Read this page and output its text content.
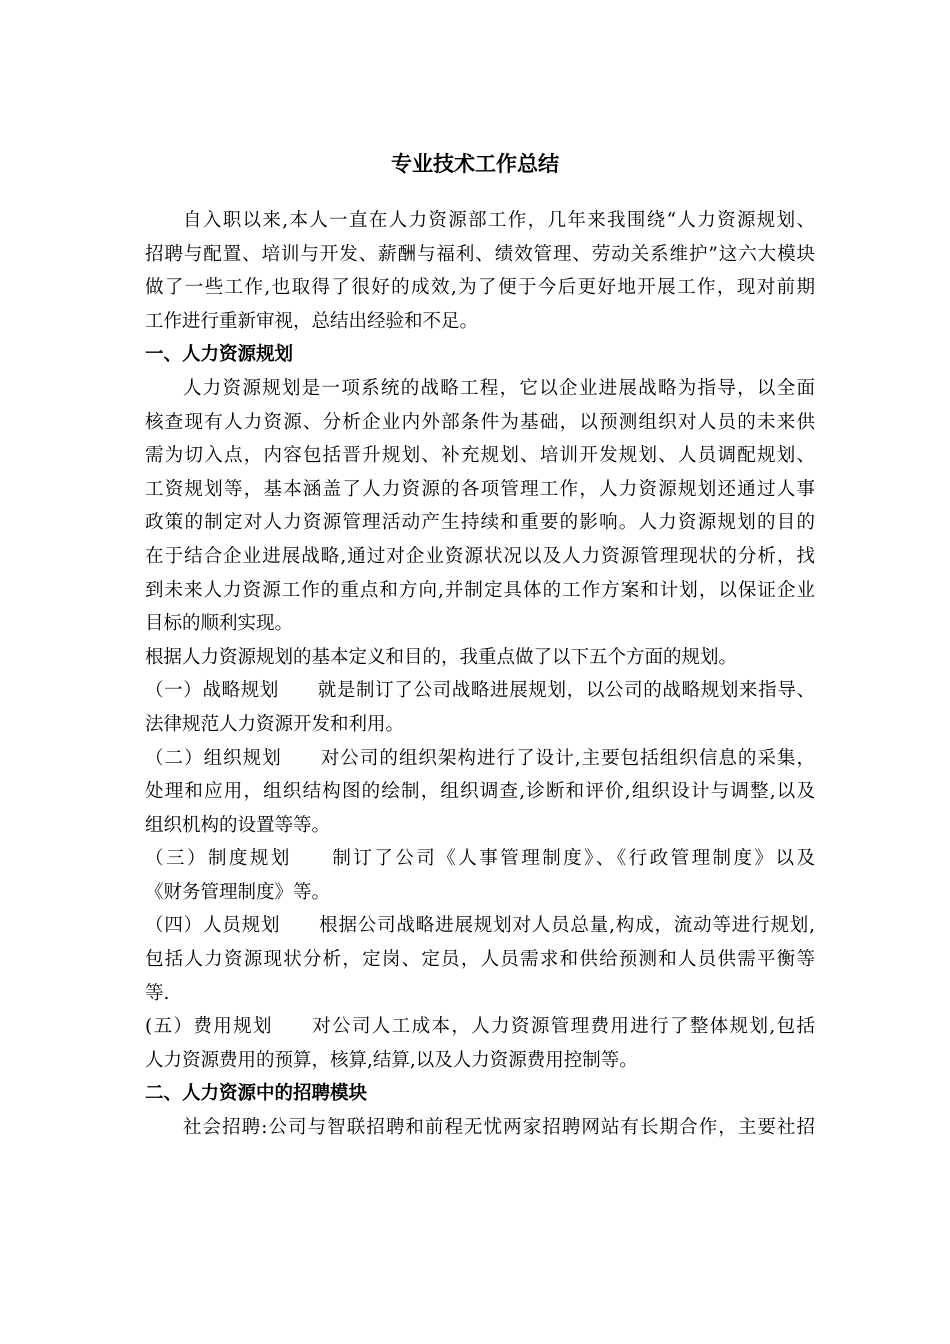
专业技术工作总结
自入职以来,本人一直在人力资源部工作，几年来我围绕“人力资源规划、
招聘与配置、培训与开发、薪酬与福利、绩效管理、劳动关系维护”这六大模块
做了一些工作,也取得了很好的成效,为了便于今后更好地开展工作，现对前期
工作进行重新审视，总结出经验和不足。
一、人力资源规划
人力资源规划是一项系统的战略工程，它以企业进展战略为指导，以全面
核查现有人力资源、分析企业内外部条件为基础，以预测组织对人员的未来供
需为切入点，内容包括晋升规划、补充规划、培训开发规划、人员调配规划、
工资规划等，基本涵盖了人力资源的各项管理工作，人力资源规划还通过人事
政策的制定对人力资源管理活动产生持续和重要的影响。人力资源规划的目的
在于结合企业进展战略,通过对企业资源状况以及人力资源管理现状的分析，找
到未来人力资源工作的重点和方向,并制定具体的工作方案和计划，以保证企业
目标的顺利实现。
根据人力资源规划的基本定义和目的，我重点做了以下五个方面的规划。
（一）战略规划 就是制订了公司战略进展规划，以公司的战略规划来指导、
法律规范人力资源开发和利用。
（二）组织规划 对公司的组织架构进行了设计,主要包括组织信息的采集，
处理和应用，组织结构图的绘制，组织调查,诊断和评价,组织设计与调整,以及
组织机构的设置等等。
（三）制度规划 制订了公司《人事管理制度》、《行政管理制度》以及
《财务管理制度》等。
（四）人员规划 根据公司战略进展规划对人员总量,构成，流动等进行规划,
包括人力资源现状分析，定岗、定员，人员需求和供给预测和人员供需平衡等
等.
(五）费用规划 对公司人工成本，人力资源管理费用进行了整体规划,包括
人力资源费用的预算，核算,结算,以及人力资源费用控制等。
二、人力资源中的招聘模块
社会招聘:公司与智联招聘和前程无忧两家招聘网站有长期合作，主要社招
